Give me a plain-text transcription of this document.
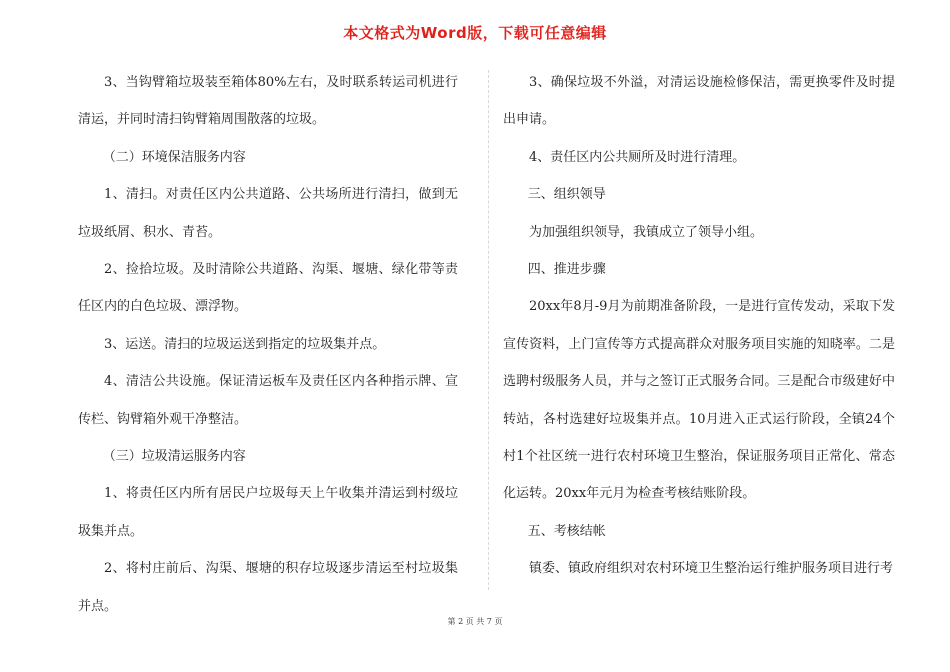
本文格式为Word版，下载可任意编辑

3、当钩臂箱垃圾装至箱体80%左右，及时联系转运司机进行清运，并同时清扫钩臂箱周围散落的垃圾。

（二）环境保洁服务内容

1、清扫。对责任区内公共道路、公共场所进行清扫，做到无垃圾纸屑、积水、青苔。

2、捡拾垃圾。及时清除公共道路、沟渠、堰塘、绿化带等责任区内的白色垃圾、漂浮物。

3、运送。清扫的垃圾运送到指定的垃圾集并点。

4、清洁公共设施。保证清运板车及责任区内各种指示牌、宣传栏、钩臂箱外观干净整洁。

（三）垃圾清运服务内容

1、将责任区内所有居民户垃圾每天上午收集并清运到村级垃圾集并点。

2、将村庄前后、沟渠、堰塘的积存垃圾逐步清运至村垃圾集并点。

3、确保垃圾不外溢，对清运设施检修保洁，需更换零件及时提出申请。

4、责任区内公共厕所及时进行清理。

三、组织领导

为加强组织领导，我镇成立了领导小组。

四、推进步骤

20xx年8月-9月为前期准备阶段，一是进行宣传发动，采取下发宣传资料，上门宣传等方式提高群众对服务项目实施的知晓率。二是选聘村级服务人员，并与之签订正式服务合同。三是配合市级建好中转站，各村选建好垃圾集并点。10月进入正式运行阶段，全镇24个村1个社区统一进行农村环境卫生整治，保证服务项目正常化、常态化运转。20xx年元月为检查考核结账阶段。

五、考核结帐

镇委、镇政府组织对农村环境卫生整治运行维护服务项目进行考

第 2 页 共 7 页
